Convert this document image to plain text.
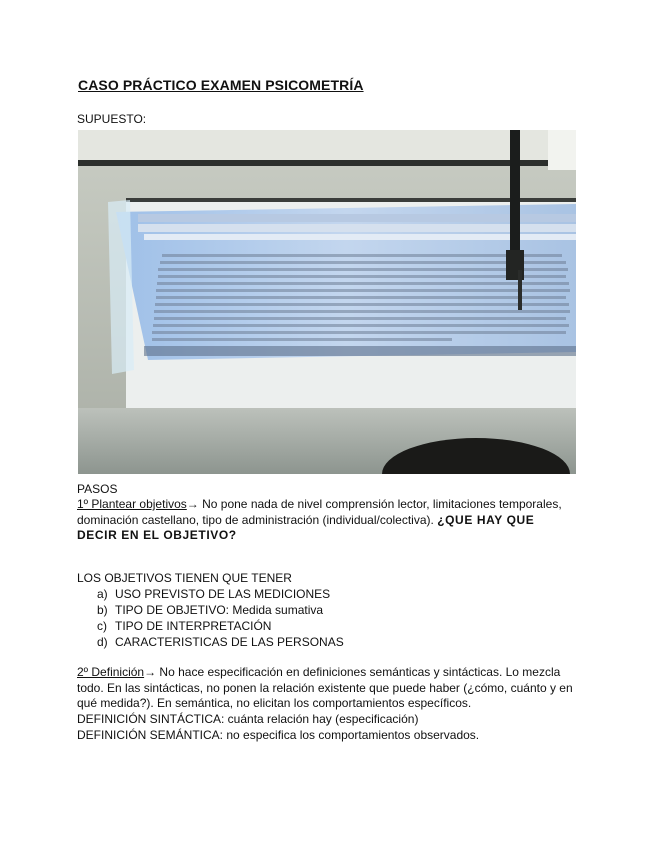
CASO PRÁCTICO EXAMEN PSICOMETRÍA
SUPUESTO:
PASOS
1º Plantear objetivos→ No pone nada de nivel comprensión lector, limitaciones temporales, dominación castellano, tipo de administración (individual/colectiva). ¿QUE HAY QUE DECIR EN EL OBJETIVO?
LOS OBJETIVOS TIENEN QUE TENER
a) USO PREVISTO DE LAS MEDICIONES
b) TIPO DE OBJETIVO: Medida sumativa
c) TIPO DE INTERPRETACIÓN
d) CARACTERISTICAS DE LAS PERSONAS
2º Definición→ No hace especificación en definiciones semánticas y sintácticas. Lo mezcla todo. En las sintácticas, no ponen la relación existente que puede haber (¿cómo, cuánto y en qué medida?). En semántica, no elicitan los comportamientos específicos.
DEFINICIÓN SINTÁCTICA: cuánta relación hay (especificación)
DEFINICIÓN SEMÁNTICA: no especifica los comportamientos observados.
